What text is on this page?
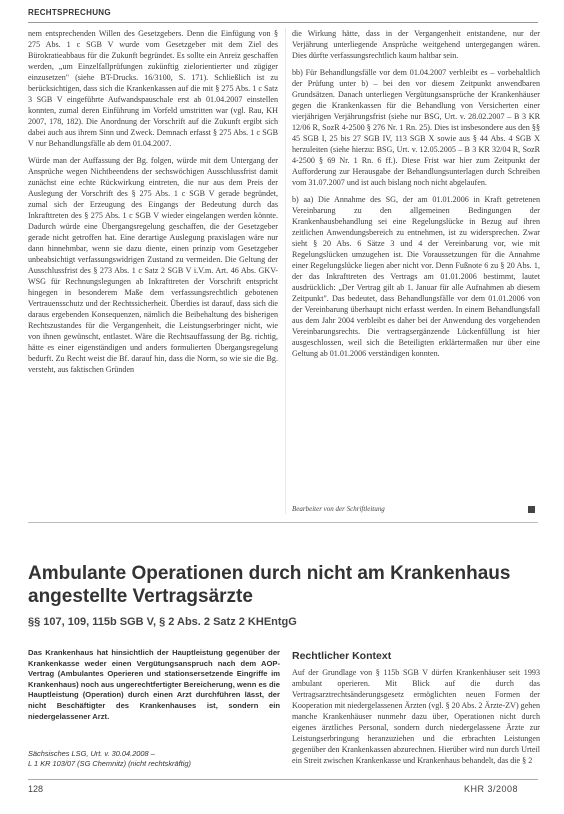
RECHTSPRECHUNG

nem entsprechenden Willen des Gesetzgebers. Denn die Einfügung von § 275 Abs. 1 c SGB V wurde vom Gesetzgeber mit dem Ziel des Bürokratieabbaus für die Zukunft begründet. Es sollte ein Anreiz geschaffen werden, „um Einzelfallprüfungen zukünftig zielorientierter und zügiger einzusetzen" (siehe BT-Drucks. 16/3100, S. 171). Schließlich ist zu berücksichtigen, dass sich die Krankenkassen auf die mit § 275 Abs. 1 c Satz 3 SGB V eingeführte Aufwandspauschale erst ab 01.04.2007 einstellen konnten, zumal deren Einführung im Vorfeld umstritten war (vgl. Rau, KH 2007, 178, 182). Die Anordnung der Vorschrift auf die Zukunft ergibt sich dabei auch aus ihrem Sinn und Zweck. Demnach erfasst § 275 Abs. 1 c SGB V nur Behandlungsfälle ab dem 01.04.2007.

Würde man der Auffassung der Bg. folgen, würde mit dem Untergang der Ansprüche wegen Nichtbeendens der sechswöchigen Ausschlussfrist damit zunächst eine echte Rückwirkung eintreten, die nur aus dem Preis der Auslegung der Vorschrift des § 275 Abs. 1 c SGB V gerade begründet, zumal sich der Erzeugung des Eingangs der Bedeutung durch das Inkrafttreten des § 275 Abs. 1 c SGB V wieder eingelangen werden könnte. Dadurch würde eine Übergangsregelung geschaffen, die der Gesetzgeber gerade nicht getroffen hat. Eine derartige Auslegung praxislagen wäre nur dann hinnehmbar, wenn sie dazu diente, einen prinzip vom Gesetzgeber unbeabsichtigt verfassungswidrigen Zustand zu vermeiden. Die Geltung der Ausschlussfrist des § 273 Abs. 1 c Satz 2 SGB V i.V.m. Art. 46 Abs. GKV-WSG für Rechnungslegungen ab Inkrafttreten der Vorschrift entspricht hingegen in besonderem Maße dem verfassungsrechtlich gebotenen Vertrauensschutz und der Rechtssicherheit. Überdies ist darauf, dass sich die daraus ergebenden Konsequenzen, nämlich die Beibehaltung des bisherigen Rechtszustandes für die Vergangenheit, die Leistungserbringer nicht, wie von ihnen gewünscht, entlastet. Wäre die Rechtsauffassung der Bg. richtig, hätte es einer eigenständigen und anders formulierten Übergangsregelung bedurft. Zu Recht weist die Bf. darauf hin, dass die Norm, so wie sie die Bg. versteht, aus faktischen Gründen

die Wirkung hätte, dass in der Vergangenheit entstandene, nur der Verjährung unterliegende Ansprüche weitgehend untergegangen wären. Dies dürfte verfassungsrechtlich kaum haltbar sein.

bb) Für Behandlungsfälle vor dem 01.04.2007 verbleibt es – vorbehaltlich der Prüfung unter b) – bei den vor diesem Zeitpunkt anwendbaren Grundsätzen. Danach unterliegen Vergütungsansprüche der Krankenhäuser gegen die Krankenkassen für die Behandlung von Versicherten einer vierjährigen Verjährungsfrist (siehe nur BSG, Urt. v. 28.02.2007 – B 3 KR 12/06 R, SozR 4-2500 § 276 Nr. 1 Rn. 25). Dies ist insbesondere aus den §§ 45 SGB I, 25 bis 27 SGB IV, 113 SGB X sowie aus § 44 Abs. 4 SGB X herzuleiten (siehe hierzu: BSG, Urt. v. 12.05.2005 – B 3 KR 32/04 R, SozR 4-2500 § 69 Nr. 1 Rn. 6 ff.). Diese Frist war hier zum Zeitpunkt der Aufforderung zur Herausgabe der Behandlungsunterlagen durch Schreiben vom 31.07.2007 und ist auch bislang noch nicht abgelaufen.

b) aa) Die Annahme des SG, der am 01.01.2006 in Kraft getretenen Vereinbarung zu den allgemeinen Bedingungen der Krankenhausbehandlung sei eine Regelungslücke in Bezug auf ihren zeitlichen Anwendungsbereich zu entnehmen, ist zu widersprechen. Zwar sieht § 20 Abs. 6 Sätze 3 und 4 der Vereinbarung vor, wie mit Regelungslücken umzugehen ist. Die Voraussetzungen für die Annahme einer Regelungslücke liegen aber nicht vor. Denn Fußnote 6 zu § 20 Abs. 1, der das Inkrafttreten des Vertrags am 01.01.2006 bestimmt, lautet ausdrücklich: „Der Vertrag gilt ab 1. Januar für alle Aufnahmen ab diesem Zeitpunkt". Das bedeutet, dass Behandlungsfälle vor dem 01.01.2006 von der Vereinbarung überhaupt nicht erfasst werden. In einem Behandlungsfall aus dem Jahr 2004 verbleibt es daher bei der Anwendung des vorgehenden Vereinbarungsrechts. Die vertragsergänzende Lückenfüllung ist hier ausgeschlossen, weil sich die Beteiligten erklärtermaßen nur über eine Geltung ab 01.01.2006 verständigen konnten.

Bearbeiter von der Schriftleitung
Ambulante Operationen durch nicht am Krankenhaus angestellte Vertragsärzte
§§ 107, 109, 115b SGB V, § 2 Abs. 2 Satz 2 KHEntgG
Das Krankenhaus hat hinsichtlich der Hauptleistung gegenüber der Krankenkasse weder einen Vergütungsanspruch nach dem AOP-Vertrag (Ambulantes Operieren und stationsersetzende Eingriffe im Krankenhaus) noch aus ungerechtfertigter Bereicherung, wenn es die Hauptleistung (Operation) durch einen Arzt durchführen lässt, der nicht Beschäftigter des Krankenhauses ist, sondern ein niedergelassener Arzt.
Sächsisches LSG, Urt. v. 30.04.2008 –
L 1 KR 103/07 (SG Chemnitz) (nicht rechtskräftig)
Rechtlicher Kontext
Auf der Grundlage von § 115b SGB V dürfen Krankenhäuser seit 1993 ambulant operieren. Mit Blick auf die durch das Vertragsarztrechtsänderungsgesetz ermöglichten neuen Formen der Kooperation mit niedergelassenen Ärzten (vgl. § 20 Abs. 2 Ärzte-ZV) gehen manche Krankenhäuser nunmehr dazu über, Operationen nicht durch eigenes ärztliches Personal, sondern durch niedergelassene Ärzte zur Leistungserbringung heranzuziehen und die erbrachten Leistungen gegenüber den Krankenkassen abzurechnen. Hierüber wird nun durch Urteil ein Streit zwischen Krankenkasse und Krankenhaus behandelt, das die § 2
128	KHR 3/2008
